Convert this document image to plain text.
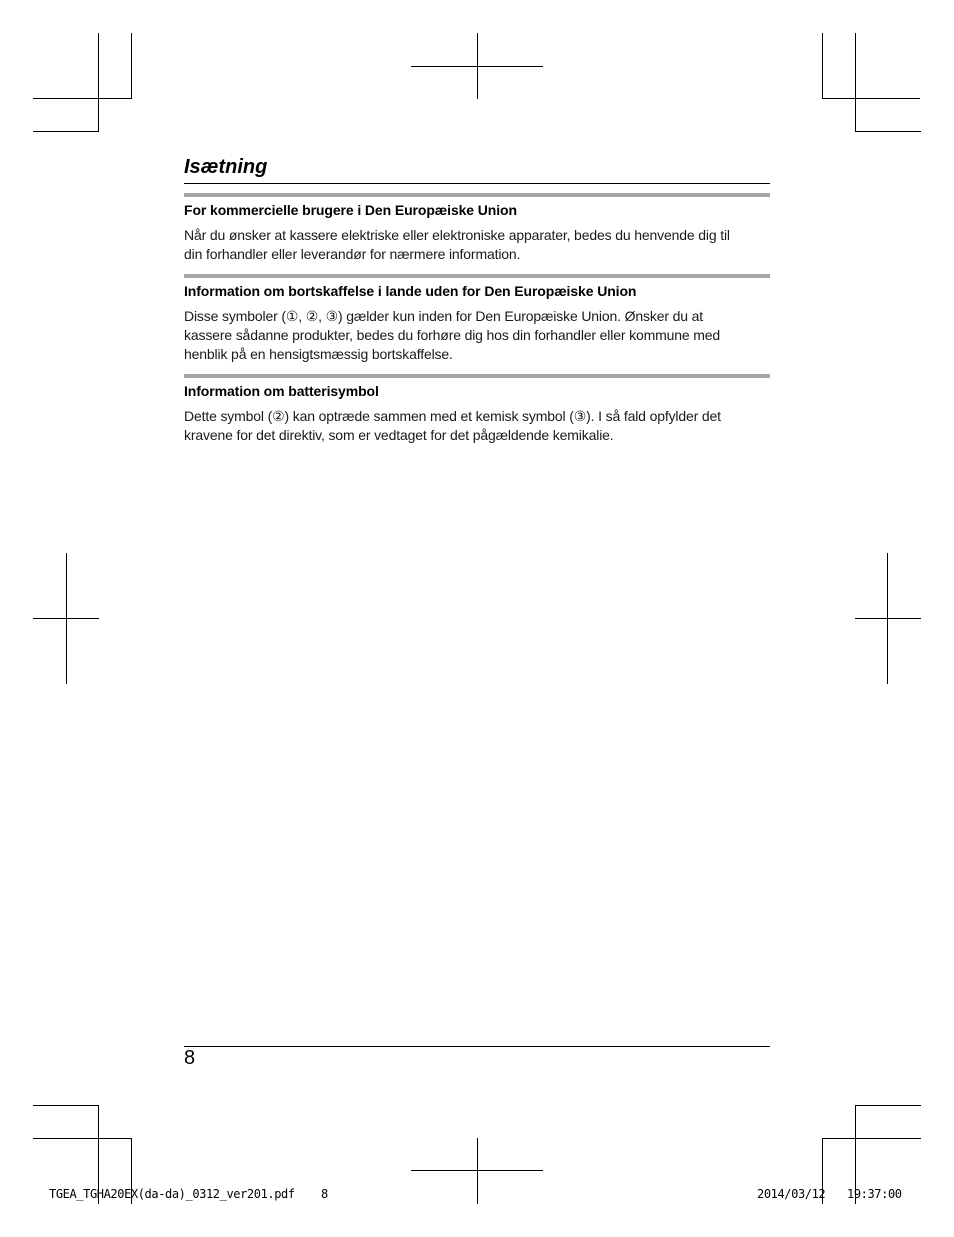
Isætning
For kommercielle brugere i Den Europæiske Union
Når du ønsker at kassere elektriske eller elektroniske apparater, bedes du henvende dig til
din forhandler eller leverandør for nærmere information.
Information om bortskaffelse i lande uden for Den Europæiske Union
Disse symboler (①, ②, ③) gælder kun inden for Den Europæiske Union. Ønsker du at
kassere sådanne produkter, bedes du forhøre dig hos din forhandler eller kommune med
henblik på en hensigtsmæssig bortskaffelse.
Information om batterisymbol
Dette symbol (②) kan optræde sammen med et kemisk symbol (③). I så fald opfylder det
kravene for det direktiv, som er vedtaget for det pågældende kemikalie.
8
TGEA_TGHA20EX(da-da)_0312_ver201.pdf 8	2014/03/12 19:37:00
